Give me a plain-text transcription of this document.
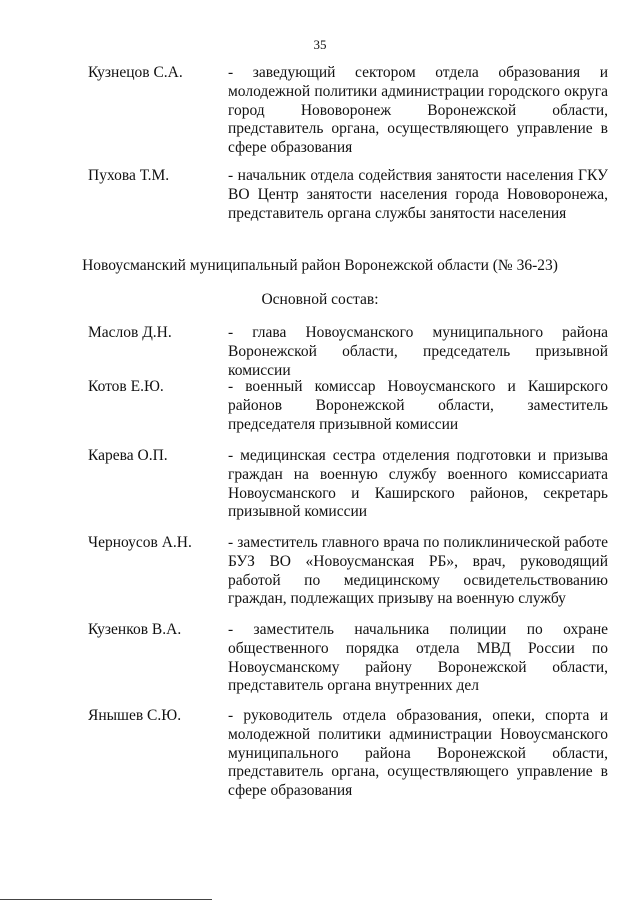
35
Кузнецов С.А.	- заведующий сектором отдела образования и молодежной политики администрации городского округа город Нововоронеж Воронежской области, представитель органа, осуществляющего управление в сфере образования
Пухова Т.М.	- начальник отдела содействия занятости населения ГКУ ВО Центр занятости населения города Нововоронежа, представитель органа службы занятости населения
Новоусманский муниципальный район Воронежской области (№ 36-23)
Основной состав:
Маслов Д.Н.	- глава Новоусманского муниципального района Воронежской области, председатель призывной комиссии
Котов Е.Ю.	- военный комиссар Новоусманского и Каширского районов Воронежской области, заместитель председателя призывной комиссии
Карева О.П.	- медицинская сестра отделения подготовки и призыва граждан на военную службу военного комиссариата Новоусманского и Каширского районов, секретарь призывной комиссии
Черноусов А.Н.	- заместитель главного врача по поликлинической работе БУЗ ВО «Новоусманская РБ», врач, руководящий работой по медицинскому освидетельствованию граждан, подлежащих призыву на военную службу
Кузенков В.А.	- заместитель начальника полиции по охране общественного порядка отдела МВД России по Новоусманскому району Воронежской области, представитель органа внутренних дел
Янышев С.Ю.	- руководитель отдела образования, опеки, спорта и молодежной политики администрации Новоусманского муниципального района Воронежской области, представитель органа, осуществляющего управление в сфере образования
